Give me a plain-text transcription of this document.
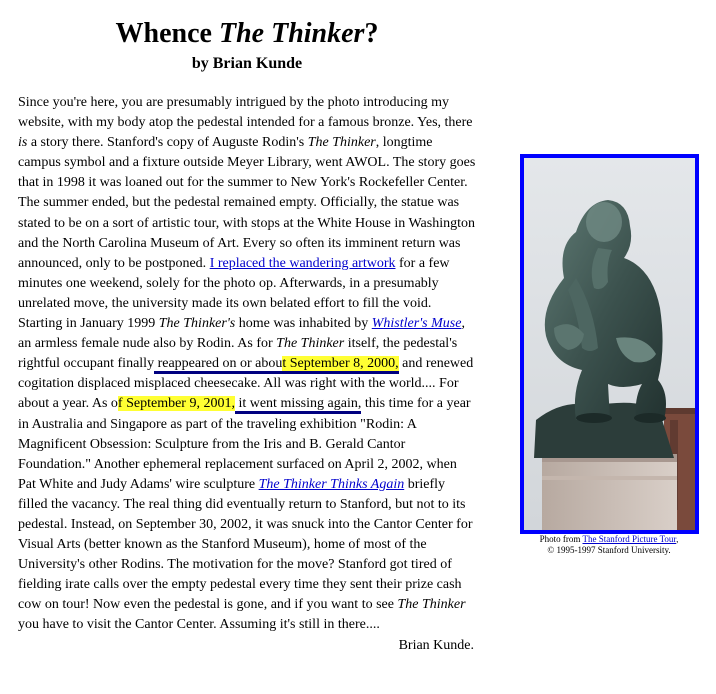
Whence The Thinker?
by Brian Kunde

Since you're here, you are presumably intrigued by the photo introducing my website, with my body atop the pedestal intended for a famous bronze. Yes, there is a story there. Stanford's copy of Auguste Rodin's The Thinker, longtime campus symbol and a fixture outside Meyer Library, went AWOL. The story goes that in 1998 it was loaned out for the summer to New York's Rockefeller Center. The summer ended, but the pedestal remained empty. Officially, the statue was stated to be on a sort of artistic tour, with stops at the White House in Washington and the North Carolina Museum of Art. Every so often its imminent return was announced, only to be postponed. I replaced the wandering artwork for a few minutes one weekend, solely for the photo op. Afterwards, in a presumably unrelated move, the university made its own belated effort to fill the void. Starting in January 1999 The Thinker's home was inhabited by Whistler's Muse, an armless female nude also by Rodin. As for The Thinker itself, the pedestal's rightful occupant finally reappeared on or about September 8, 2000, and renewed cogitation displaced misplaced cheesecake. All was right with the world.... For about a year. As of September 9, 2001, it went missing again, this time for a year in Australia and Singapore as part of the traveling exhibition "Rodin: A Magnificent Obsession: Sculpture from the Iris and B. Gerald Cantor Foundation." Another ephemeral replacement surfaced on April 2, 2002, when Pat White and Judy Adams' wire sculpture The Thinker Thinks Again briefly filled the vacancy. The real thing did eventually return to Stanford, but not to its pedestal. Instead, on September 30, 2002, it was snuck into the Cantor Center for Visual Arts (better known as the Stanford Museum), home of most of the University's other Rodins. The motivation for the move? Stanford got tired of fielding irate calls over the empty pedestal every time they sent their prize cash cow on tour! Now even the pedestal is gone, and if you want to see The Thinker you have to visit the Cantor Center. Assuming it's still in there....
Brian Kunde.

Photo from The Stanford Picture Tour,
© 1995-1997 Stanford University.
